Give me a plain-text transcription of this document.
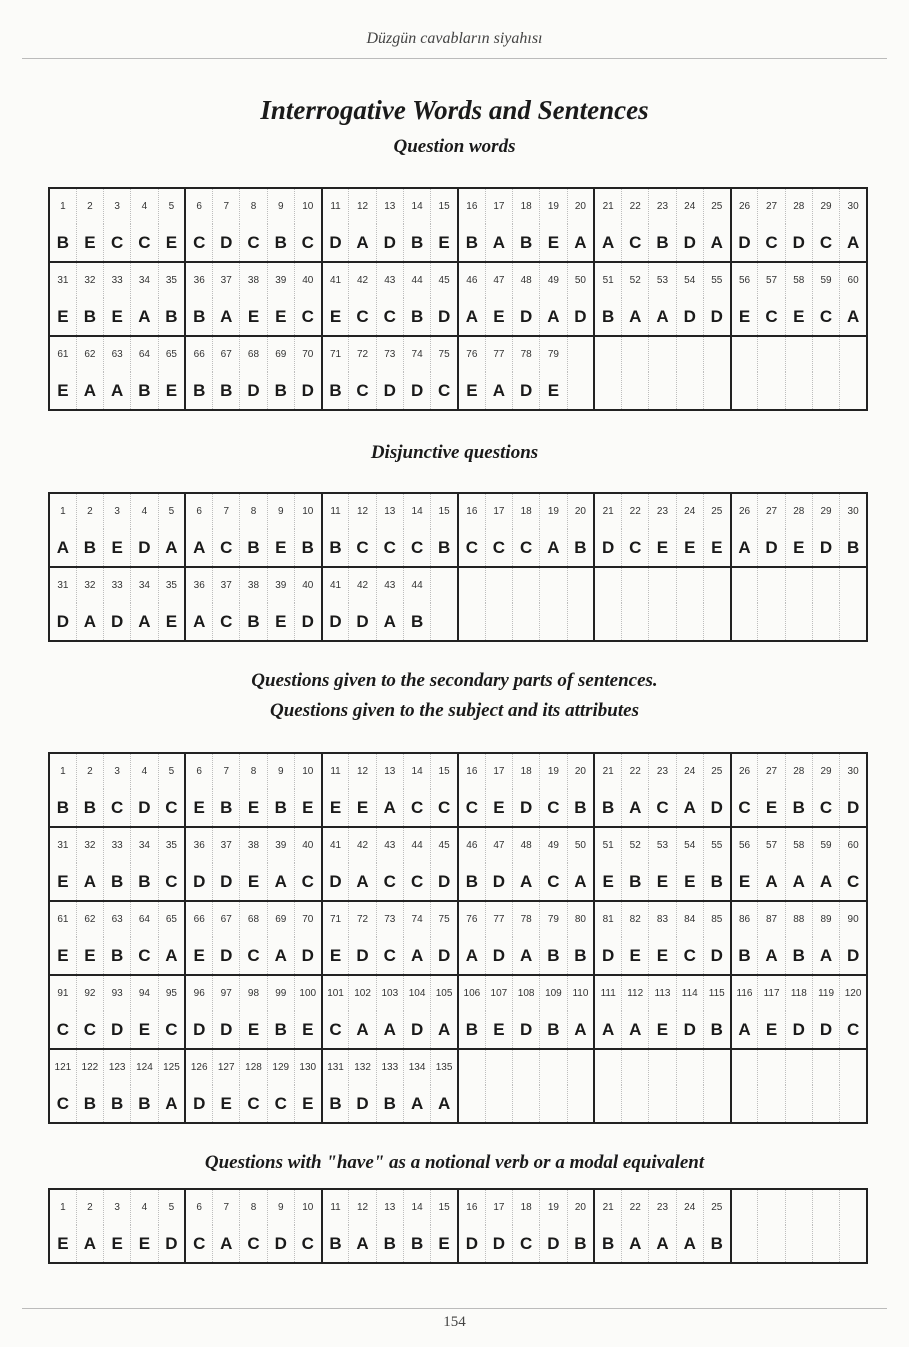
Düzgün cavabların siyahısı
Interrogative Words and Sentences
Question words
1	2	3	4	5	6	7	8	9	10	11	12	13	14	15	16	17	18	19	20	21	22	23	24	25	26	27	28	29	30
B	E	C	C	E	C	D	C	B	C	D	A	D	B	E	B	A	B	E	A	A	C	B	D	A	D	C	D	C	A
31	32	33	34	35	36	37	38	39	40	41	42	43	44	45	46	47	48	49	50	51	52	53	54	55	56	57	58	59	60
E	B	E	A	B	B	A	E	E	C	E	C	C	B	D	A	E	D	A	D	B	A	A	D	D	E	C	E	C	A
61	62	63	64	65	66	67	68	69	70	71	72	73	74	75	76	77	78	79											
E	A	A	B	E	B	B	D	B	D	B	C	D	D	C	E	A	D	E											
Disjunctive questions
1	2	3	4	5	6	7	8	9	10	11	12	13	14	15	16	17	18	19	20	21	22	23	24	25	26	27	28	29	30
A	B	E	D	A	A	C	B	E	B	B	C	C	C	B	C	C	C	A	B	D	C	E	E	E	A	D	E	D	B
31	32	33	34	35	36	37	38	39	40	41	42	43	44																
D	A	D	A	E	A	C	B	E	D	D	D	A	B																
Questions given to the secondary parts of sentences.
Questions given to the subject and its attributes
1	2	3	4	5	6	7	8	9	10	11	12	13	14	15	16	17	18	19	20	21	22	23	24	25	26	27	28	29	30
B	B	C	D	C	E	B	E	B	E	E	E	A	C	C	C	E	D	C	B	B	A	C	A	D	C	E	B	C	D
31	32	33	34	35	36	37	38	39	40	41	42	43	44	45	46	47	48	49	50	51	52	53	54	55	56	57	58	59	60
E	A	B	B	C	D	D	E	A	C	D	A	C	C	D	B	D	A	C	A	E	B	E	E	B	E	A	A	A	C
61	62	63	64	65	66	67	68	69	70	71	72	73	74	75	76	77	78	79	80	81	82	83	84	85	86	87	88	89	90
E	E	B	C	A	E	D	C	A	D	E	D	C	A	D	A	D	A	B	B	D	E	E	C	D	B	A	B	A	D
91	92	93	94	95	96	97	98	99	100	101	102	103	104	105	106	107	108	109	110	111	112	113	114	115	116	117	118	119	120
C	C	D	E	C	D	D	E	B	E	C	A	A	D	A	B	E	D	B	A	A	A	E	D	B	A	E	D	D	C
121	122	123	124	125	126	127	128	129	130	131	132	133	134	135															
C	B	B	B	A	D	E	C	C	E	B	D	B	A	A															
Questions with "have" as a notional verb or a modal equivalent
1	2	3	4	5	6	7	8	9	10	11	12	13	14	15	16	17	18	19	20	21	22	23	24	25					
E	A	E	E	D	C	A	C	D	C	B	A	B	B	E	D	D	C	D	B	B	A	A	A	B					
154
